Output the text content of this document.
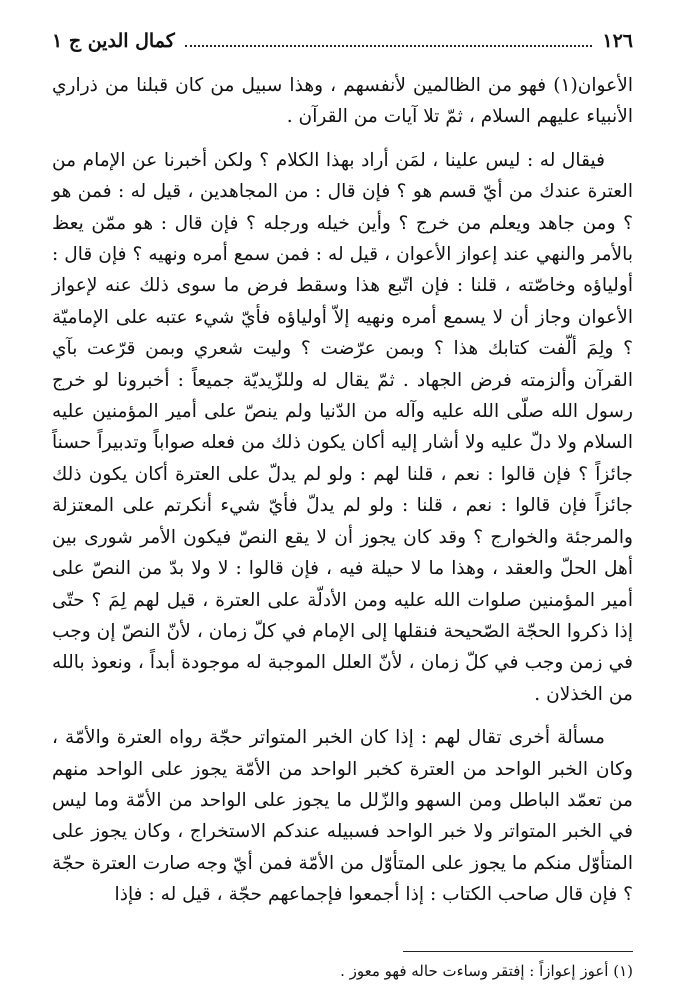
١٢٦
كمال الدين ج ١

الأعوان(١) فهو من الظالمين لأنفسهم ، وهذا سبيل من كان قبلنا من ذراري الأنبياء عليهم السلام ، ثمّ تلا آيات من القرآن .

فيقال له : ليس علينا ، لمَن أراد بهذا الكلام ؟ ولكن أخبرنا عن الإمام من العترة عندك من أيّ قسم هو ؟ فإن قال : من المجاهدين ، قيل له : فمن هو ؟ ومن جاهد ويعلم من خرج ؟ وأين خيله ورجله ؟ فإن قال : هو ممّن يعظ بالأمر والنهي عند إعواز الأعوان ، قيل له : فمن سمع أمره ونهيه ؟ فإن قال : أولياؤه وخاصّته ، قلنا : فإن اتّبع هذا وسقط فرض ما سوى ذلك عنه لإعواز الأعوان وجاز أن لا يسمع أمره ونهيه إلاّ أولياؤه فأيّ شيء عتبه على الإماميّة ؟ ولِمَ ألّفت كتابك هذا ؟ وبمن عرّضت ؟ وليت شعري وبمن قرّعت بآي القرآن وألزمته فرض الجهاد . ثمّ يقال له وللزّيديّة جميعاً : أخبرونا لو خرج رسول الله صلّى الله عليه وآله من الدّنيا ولم ينصّ على أمير المؤمنين عليه السلام ولا دلّ عليه ولا أشار إليه أكان يكون ذلك من فعله صواباً وتدبيراً حسناً جائزاً ؟ فإن قالوا : نعم ، قلنا لهم : ولو لم يدلّ على العترة أكان يكون ذلك جائزاً فإن قالوا : نعم ، قلنا : ولو لم يدلّ فأيّ شيء أنكرتم على المعتزلة والمرجئة والخوارج ؟ وقد كان يجوز أن لا يقع النصّ فيكون الأمر شورى بين أهل الحلّ والعقد ، وهذا ما لا حيلة فيه ، فإن قالوا : لا ولا بدّ من النصّ على أمير المؤمنين صلوات الله عليه ومن الأدلّة على العترة ، قيل لهم لِمَ ؟ حتّى إذا ذكروا الحجّة الصّحيحة فنقلها إلى الإمام في كلّ زمان ، لأنّ النصّ إن وجب في زمن وجب في كلّ زمان ، لأنّ العلل الموجبة له موجودة أبداً ، ونعوذ بالله من الخذلان .

مسألة أخرى تقال لهم : إذا كان الخبر المتواتر حجّة رواه العترة والأمّة ، وكان الخبر الواحد من العترة كخبر الواحد من الأمّة يجوز على الواحد منهم من تعمّد الباطل ومن السهو والزّلل ما يجوز على الواحد من الأمّة وما ليس في الخبر المتواتر ولا خبر الواحد فسبيله عندكم الاستخراج ، وكان يجوز على المتأوّل منكم ما يجوز على المتأوّل من الأمّة فمن أيّ وجه صارت العترة حجّة ؟ فإن قال صاحب الكتاب : إذا أجمعوا فإجماعهم حجّة ، قيل له : فإذا

(١) أعوز إعوازاً : إفتقر وساءت حاله فهو معوز .
